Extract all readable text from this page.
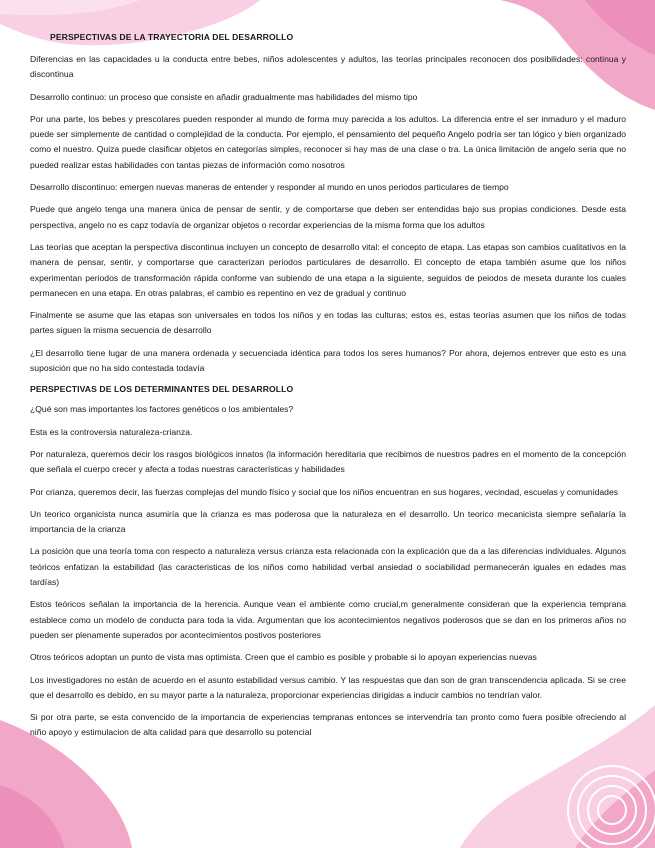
PERSPECTIVAS DE LA TRAYECTORIA DEL DESARROLLO

Diferencias en las capacidades u la conducta entre bebes, niños adolescentes y adultos, las teorías principales reconocen dos posibilidades: continua y discontinua

Desarrollo continuo: un proceso que consiste en añadir gradualmente mas habilidades del mismo tipo

Por una parte, los bebes y prescolares pueden responder al mundo de forma muy parecida a los adultos. La diferencia entre el ser inmaduro y el maduro puede ser simplemente de cantidad o complejidad de la conducta. Por ejemplo, el pensamiento del pequeño Angelo podría ser tan lógico y bien organizado como el nuestro. Quiza puede clasificar objetos en categorías simples, reconocer si hay mas de una clase o tra. La única limitación de angelo seria que no pueded realizar estas habilidades con tantas piezas de información como nosotros

Desarrollo discontinuo: emergen nuevas maneras de entender y responder al mundo en unos periodos particulares de tiempo

Puede que angelo tenga una manera única de pensar de sentir, y de comportarse que deben ser entendidas bajo sus propias condiciones. Desde esta perspectiva, angelo no es capz todavía de organizar objetos o recordar experiencias de la misma forma que los adultos

Las teorías que aceptan la perspectiva discontinua incluyen un concepto de desarrollo vital: el concepto de etapa. Las etapas son cambios cualitativos en la manera de pensar, sentir, y comportarse que caracterizan periodos particulares de desarrollo. El concepto de etapa también asume que los niños experimentan periodos de transformación rápida conforme van subiendo de una etapa a la siguiente, seguidos de peiodos de meseta durante los cuales permanecen en una etapa. En otras palabras, el cambio es repentino en vez de gradual y continuo

Finalmente se asume que las etapas son universales en todos los niños y en todas las culturas; estos es, estas teorías asumen que los niños de todas partes siguen la misma secuencia de desarrollo

¿El desarrollo tiene lugar de una manera ordenada y secuenciada idéntica para todos los seres humanos? Por ahora, dejemos entrever que esto es una suposición que no ha sido contestada todavía

PERSPECTIVAS DE LOS DETERMINANTES DEL DESARROLLO

¿Qué son mas importantes los factores genéticos o los ambientales?

Esta es la controversia naturaleza-crianza.

Por naturaleza, queremos decir los rasgos biológicos innatos (la información hereditaria que recibimos de nuestros padres en el momento de la concepción que señala el cuerpo crecer y afecta a todas nuestras características y habilidades

Por crianza, queremos decir, las fuerzas complejas del mundo físico y social que los niños encuentran en sus hogares, vecindad, escuelas y comunidades

Un teorico organicista nunca asumiría que la crianza es mas poderosa que la naturaleza en el desarrollo. Un teorico mecanicista siempre señalaría la importancia de la crianza

La posición que una teoría toma con respecto a naturaleza versus crianza esta relacionada con la explicación que da a las diferencias individuales. Algunos teóricos enfatizan la estabilidad (las caracteristicas de los niños como habilidad verbal ansiedad o sociabilidad permanecerán iguales en edades mas tardías)

Estos teóricos señalan la importancia de la herencia. Aunque vean el ambiente como crucial,m generalmente consideran que la experiencia temprana establece como un modelo de conducta para toda la vida. Argumentan que los acontecimientos negativos poderosos que se dan en los primeros años no pueden ser plenamente superados por acontecimientos postivos posteriores

Otros teóricos adoptan un punto de vista mas optimista. Creen que el cambio es posible y probable si lo apoyan experiencias nuevas

Los investigadores no están de acuerdo en el asunto estabilidad versus cambio. Y las respuestas que dan son de gran transcendencia aplicada. Si se cree que el desarrollo es debido, en su mayor parte a la naturaleza, proporcionar experiencias dirigidas a inducir cambios no tendrían valor.

Si por otra parte, se esta convencido de la importancia de experiencias tempranas entonces se intervendría tan pronto como fuera posible ofreciendo al niño apoyo y estimulacion de alta calidad para que desarrollo su potencial
